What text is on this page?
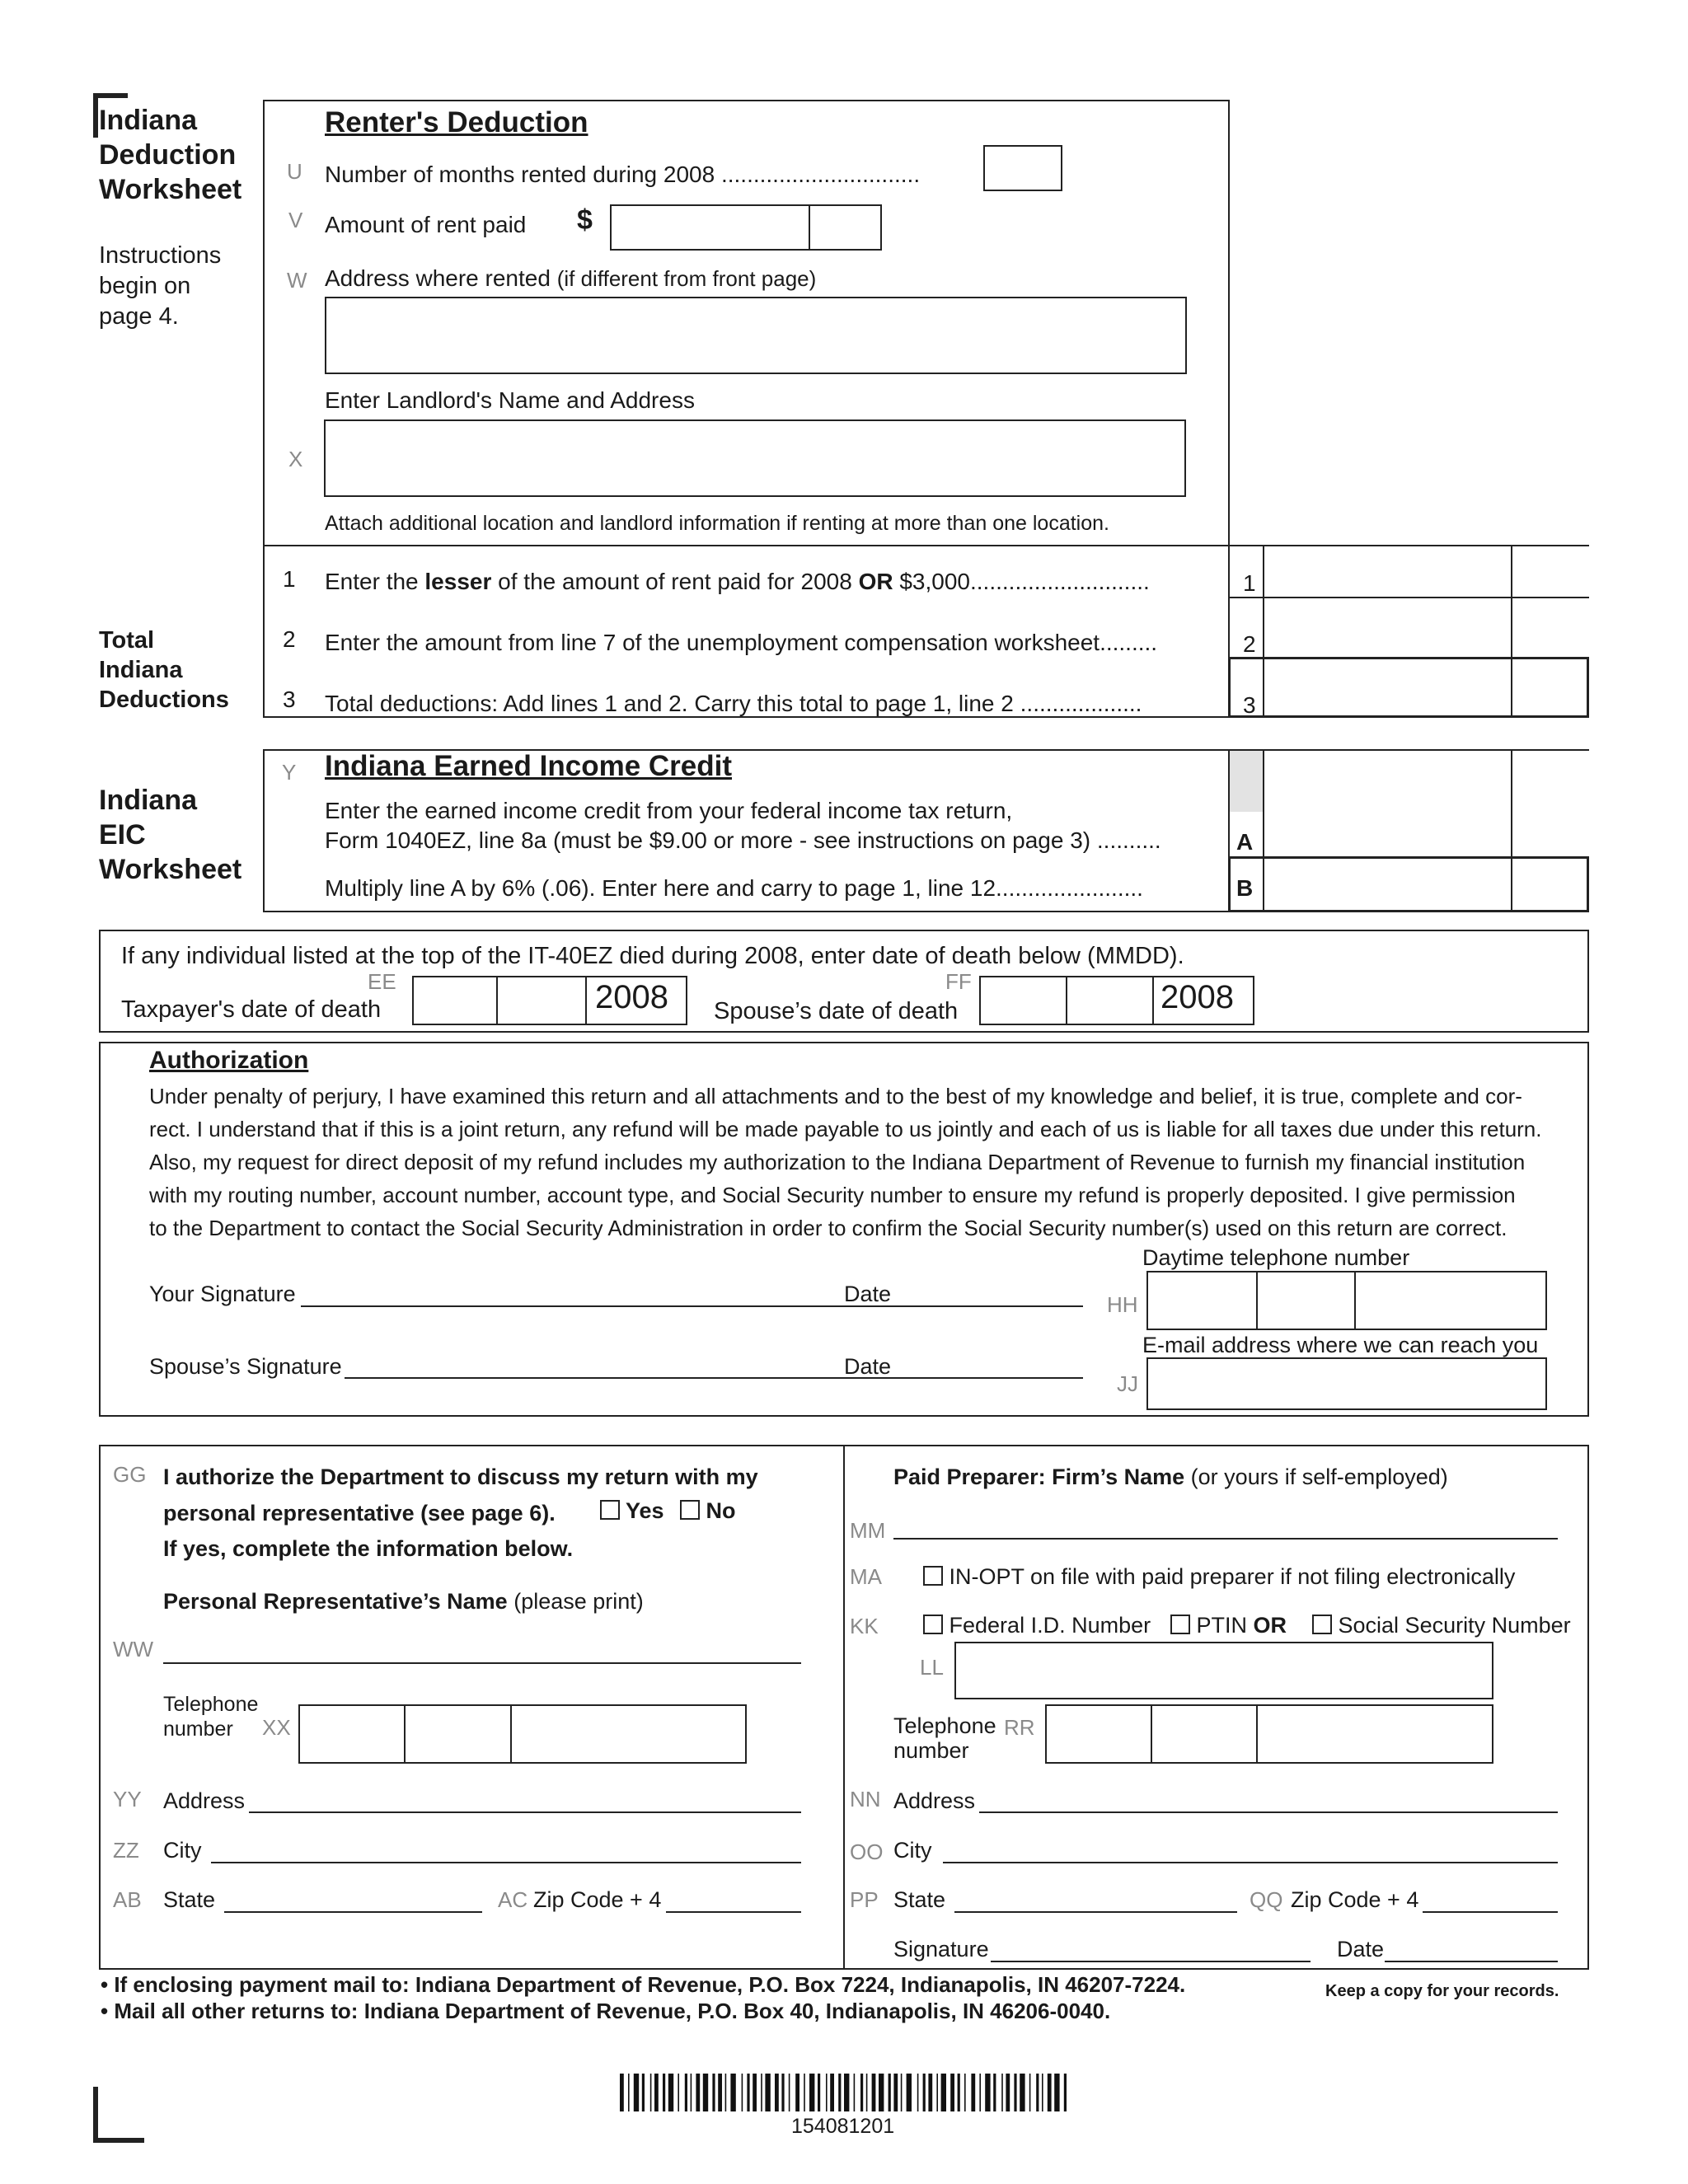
Indiana
Deduction
Worksheet
Instructions
begin on
page 4.
Total
Indiana
Deductions
Indiana
EIC
Worksheet
Renter's Deduction
U Number of months rented during 2008 ...............................
V Amount of rent paid $
W Address where rented (if different from front page)
Enter Landlord's Name and Address
X
Attach additional location and landlord information if renting at more than one location.
1 Enter the lesser of the amount of rent paid for 2008 OR $3,000............................	1
2 Enter the amount from line 7 of the unemployment compensation worksheet.........	2
3 Total deductions: Add lines 1 and 2. Carry this total to page 1, line 2 ...................	3
Y Indiana Earned Income Credit
Enter the earned income credit from your federal income tax return,
Form 1040EZ, line 8a (must be $9.00 or more - see instructions on page 3) ..........	A
Multiply line A by 6% (.06). Enter here and carry to page 1, line 12.......................	B
If any individual listed at the top of the IT-40EZ died during 2008, enter date of death below (MMDD).
EE
Taxpayer's date of death	2008	FF
Spouse’s date of death	2008
Authorization
Under penalty of perjury, I have examined this return and all attachments and to the best of my knowledge and belief, it is true, complete and cor-
rect. I understand that if this is a joint return, any refund will be made payable to us jointly and each of us is liable for all taxes due under this return.
Also, my request for direct deposit of my refund includes my authorization to the Indiana Department of Revenue to furnish my financial institution
with my routing number, account number, account type, and Social Security number to ensure my refund is properly deposited. I give permission
to the Department to contact the Social Security Administration in order to confirm the Social Security number(s) used on this return are correct.
Your Signature	Date
Daytime telephone number
HH
Spouse’s Signature	Date
E-mail address where we can reach you
JJ
GG I authorize the Department to discuss my return with my
personal representative (see page 6).	Yes	No
If yes, complete the information below.
Personal Representative’s Name (please print)
WW
Telephone
number	XX
YY Address
ZZ City
AB State	AC Zip Code + 4
Paid Preparer: Firm’s Name (or yours if self-employed)
MM
MA	IN-OPT on file with paid preparer if not filing electronically
KK	Federal I.D. Number	PTIN OR	Social Security Number
LL
Telephone
number
RR
NN Address
OO City
PP State	QQ Zip Code + 4
Signature	Date
• If enclosing payment mail to: Indiana Department of Revenue, P.O. Box 7224, Indianapolis, IN 46207-7224.
• Mail all other returns to: Indiana Department of Revenue, P.O. Box 40, Indianapolis, IN 46206-0040.
Keep a copy for your records.
154081201
